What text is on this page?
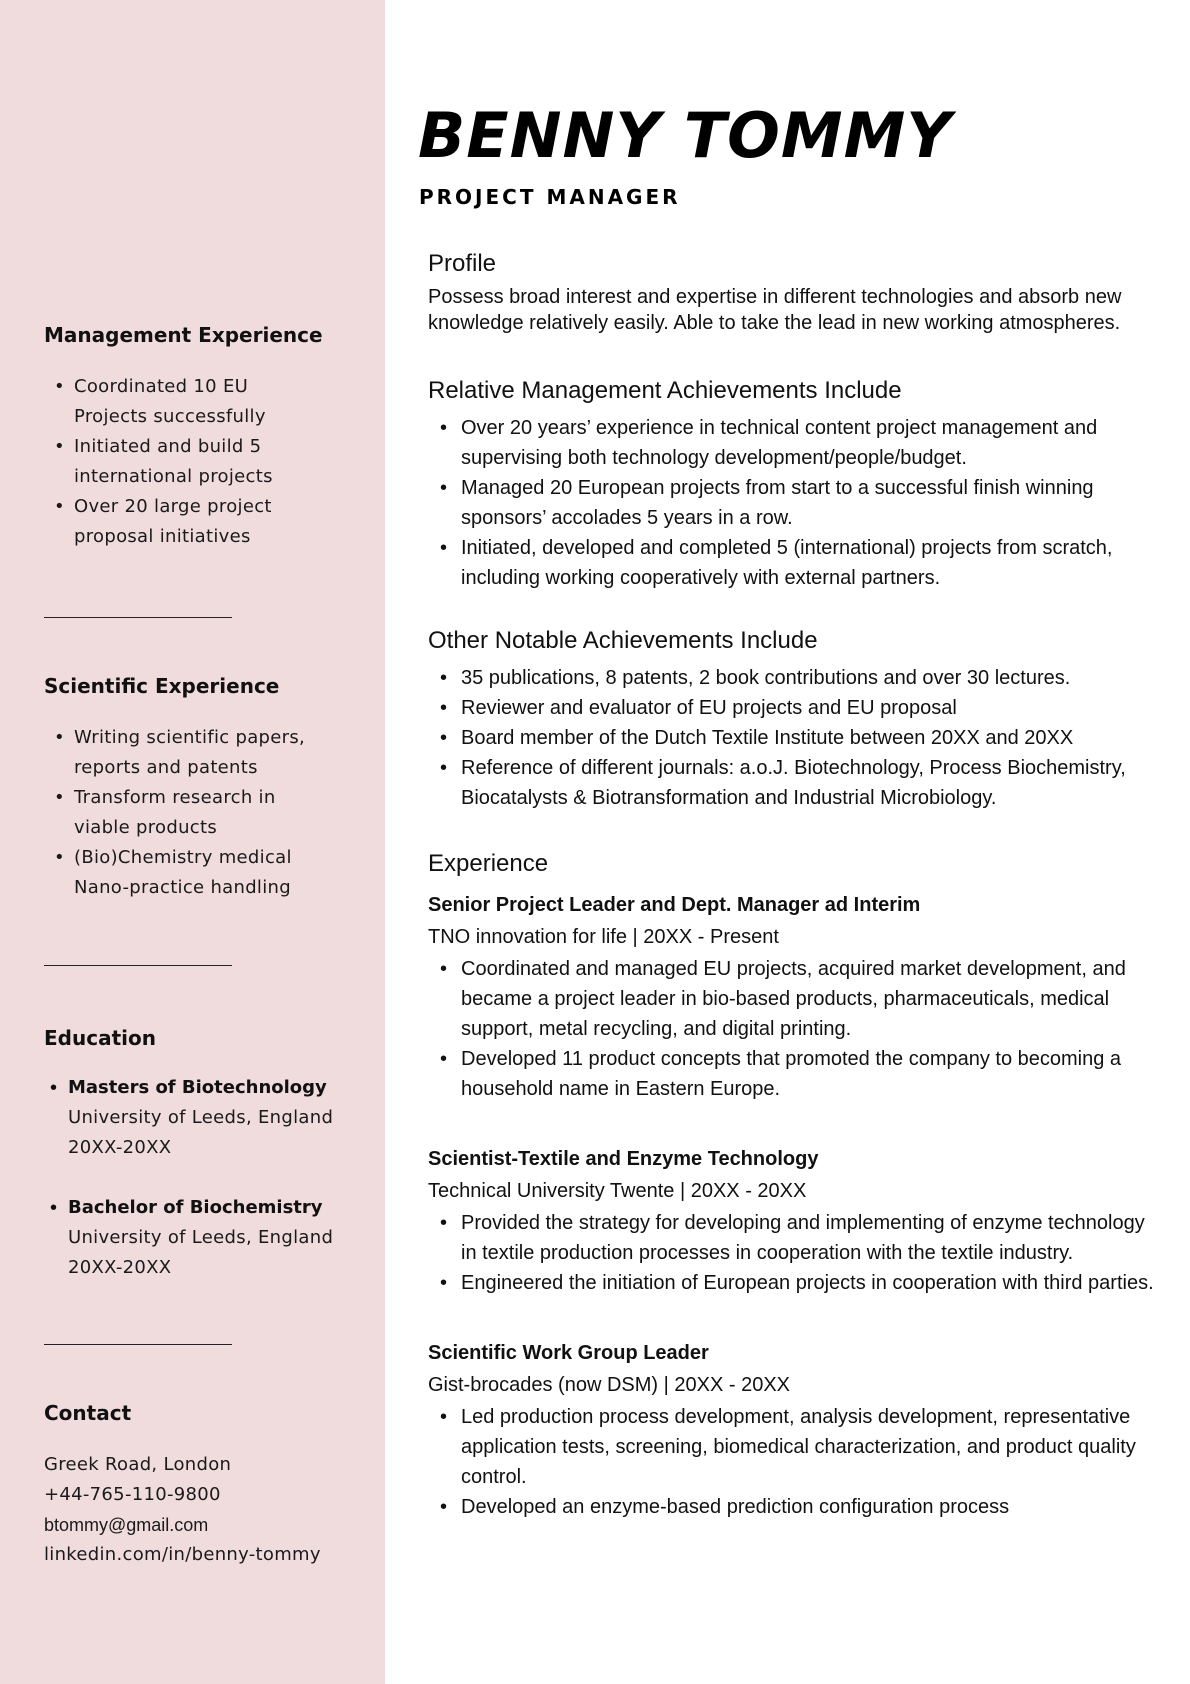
Management Experience
• Coordinated 10 EU Projects successfully
• Initiated and build 5 international projects
• Over 20 large project proposal initiatives
Scientific Experience
• Writing scientific papers, reports and patents
• Transform research in viable products
• (Bio)Chemistry medical Nano-practice handling
Education
• Masters of Biotechnology
University of Leeds, England
20XX-20XX
• Bachelor of Biochemistry
University of Leeds, England
20XX-20XX
Contact
Greek Road, London
+44-765-110-9800
btommy@gmail.com
linkedin.com/in/benny-tommy
BENNY TOMMY
PROJECT MANAGER
Profile

Possess broad interest and expertise in different technologies and absorb new knowledge relatively easily. Able to take the lead in new working atmospheres.

Relative Management Achievements Include
• Over 20 years’ experience in technical content project management and supervising both technology development/people/budget.
• Managed 20 European projects from start to a successful finish winning sponsors’ accolades 5 years in a row.
• Initiated, developed and completed 5 (international) projects from scratch, including working cooperatively with external partners.
Other Notable Achievements Include
• 35 publications, 8 patents, 2 book contributions and over 30 lectures.
• Reviewer and evaluator of EU projects and EU proposal
• Board member of the Dutch Textile Institute between 20XX and 20XX
• Reference of different journals: a.o.J. Biotechnology, Process Biochemistry, Biocatalysts & Biotransformation and Industrial Microbiology.
Experience

Senior Project Leader and Dept. Manager ad Interim

TNO innovation for life | 20XX - Present

• Coordinated and managed EU projects, acquired market development, and became a project leader in bio-based products, pharmaceuticals, medical support, metal recycling, and digital printing.
• Developed 11 product concepts that promoted the company to becoming a household name in Eastern Europe.

Scientist-Textile and Enzyme Technology

Technical University Twente | 20XX - 20XX

• Provided the strategy for developing and implementing of enzyme technology in textile production processes in cooperation with the textile industry.
• Engineered the initiation of European projects in cooperation with third parties.

Scientific Work Group Leader

Gist-brocades (now DSM) | 20XX - 20XX

• Led production process development, analysis development, representative application tests, screening, biomedical characterization, and product quality control.
• Developed an enzyme-based prediction configuration process
